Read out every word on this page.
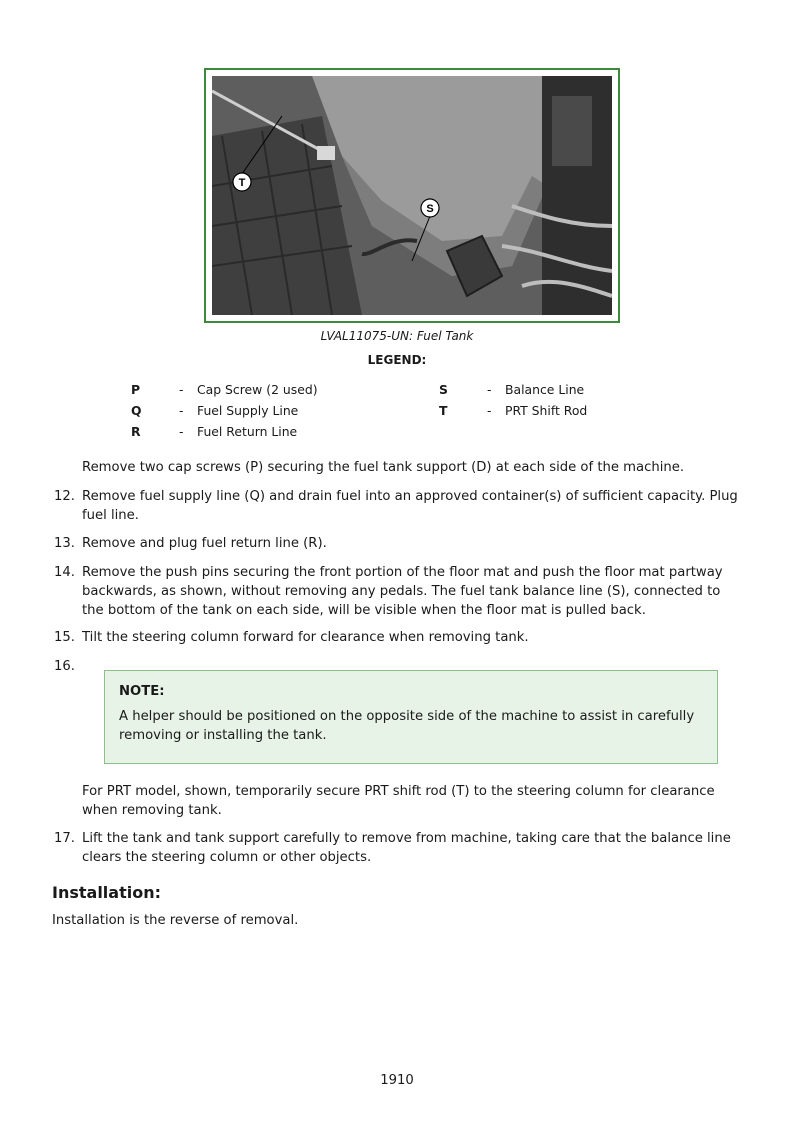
T
S
LVAL11075-UN: Fuel Tank
LEGEND:
P	- Cap Screw (2 used)
Q	- Fuel Supply Line
R	- Fuel Return Line
S	- Balance Line
T	- PRT Shift Rod
Remove two cap screws (P) securing the fuel tank support (D) at each side of the machine.
12. Remove fuel supply line (Q) and drain fuel into an approved container(s) of sufficient capacity. Plug fuel line.
13. Remove and plug fuel return line (R).
14. Remove the push pins securing the front portion of the floor mat and push the floor mat partway backwards, as shown, without removing any pedals. The fuel tank balance line (S), connected to the bottom of the tank on each side, will be visible when the floor mat is pulled back.
15. Tilt the steering column forward for clearance when removing tank.
16.
NOTE:
A helper should be positioned on the opposite side of the machine to assist in carefully removing or installing the tank.
For PRT model, shown, temporarily secure PRT shift rod (T) to the steering column for clearance when removing tank.
17. Lift the tank and tank support carefully to remove from machine, taking care that the balance line clears the steering column or other objects.
Installation:
Installation is the reverse of removal.
1910
